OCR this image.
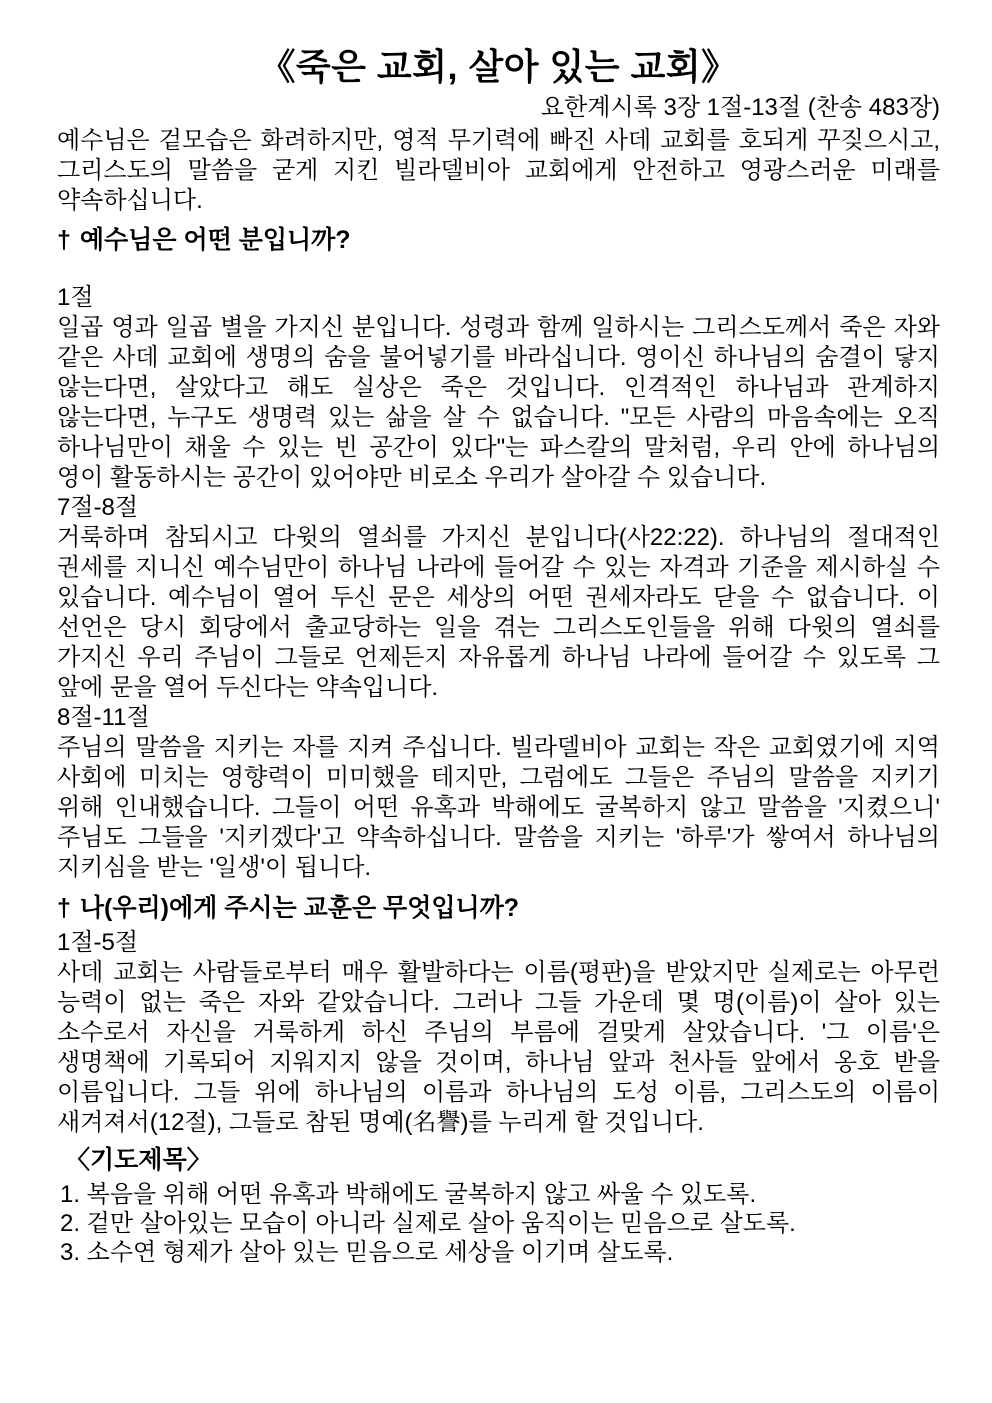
《죽은 교회, 살아 있는 교회》
요한계시록 3장 1절-13절 (찬송 483장)

예수님은 겉모습은 화려하지만, 영적 무기력에 빠진 사데 교회를 호되게 꾸짖으시고, 그리스도의 말씀을 굳게 지킨 빌라델비아 교회에게 안전하고 영광스러운 미래를 약속하십니다.

† 예수님은 어떤 분입니까?
1절

일곱 영과 일곱 별을 가지신 분입니다. 성령과 함께 일하시는 그리스도께서 죽은 자와 같은 사데 교회에 생명의 숨을 불어넣기를 바라십니다. 영이신 하나님의 숨결이 닿지 않는다면, 살았다고 해도 실상은 죽은 것입니다. 인격적인 하나님과 관계하지 않는다면, 누구도 생명력 있는 삶을 살 수 없습니다. "모든 사람의 마음속에는 오직 하나님만이 채울 수 있는 빈 공간이 있다"는 파스칼의 말처럼, 우리 안에 하나님의 영이 활동하시는 공간이 있어야만 비로소 우리가 살아갈 수 있습니다.

7절-8절

거룩하며 참되시고 다윗의 열쇠를 가지신 분입니다(사22:22). 하나님의 절대적인 권세를 지니신 예수님만이 하나님 나라에 들어갈 수 있는 자격과 기준을 제시하실 수 있습니다. 예수님이 열어 두신 문은 세상의 어떤 권세자라도 닫을 수 없습니다. 이 선언은 당시 회당에서 출교당하는 일을 겪는 그리스도인들을 위해 다윗의 열쇠를 가지신 우리 주님이 그들로 언제든지 자유롭게 하나님 나라에 들어갈 수 있도록 그 앞에 문을 열어 두신다는 약속입니다.

8절-11절

주님의 말씀을 지키는 자를 지켜 주십니다. 빌라델비아 교회는 작은 교회였기에 지역 사회에 미치는 영향력이 미미했을 테지만, 그럼에도 그들은 주님의 말씀을 지키기 위해 인내했습니다. 그들이 어떤 유혹과 박해에도 굴복하지 않고 말씀을 '지켰으니' 주님도 그들을 '지키겠다'고 약속하십니다. 말씀을 지키는 '하루'가 쌓여서 하나님의 지키심을 받는 '일생'이 됩니다.

† 나(우리)에게 주시는 교훈은 무엇입니까?
1절-5절

사데 교회는 사람들로부터 매우 활발하다는 이름(평판)을 받았지만 실제로는 아무런 능력이 없는 죽은 자와 같았습니다. 그러나 그들 가운데 몇 명(이름)이 살아 있는 소수로서 자신을 거룩하게 하신 주님의 부름에 걸맞게 살았습니다. '그 이름'은 생명책에 기록되어 지워지지 않을 것이며, 하나님 앞과 천사들 앞에서 옹호 받을 이름입니다. 그들 위에 하나님의 이름과 하나님의 도성 이름, 그리스도의 이름이 새겨져서(12절), 그들로 참된 명예(名譽)를 누리게 할 것입니다.

〈기도제목〉

1. 복음을 위해 어떤 유혹과 박해에도 굴복하지 않고 싸울 수 있도록.

2. 겉만 살아있는 모습이 아니라 실제로 살아 움직이는 믿음으로 살도록.

3. 소수연 형제가 살아 있는 믿음으로 세상을 이기며 살도록.
